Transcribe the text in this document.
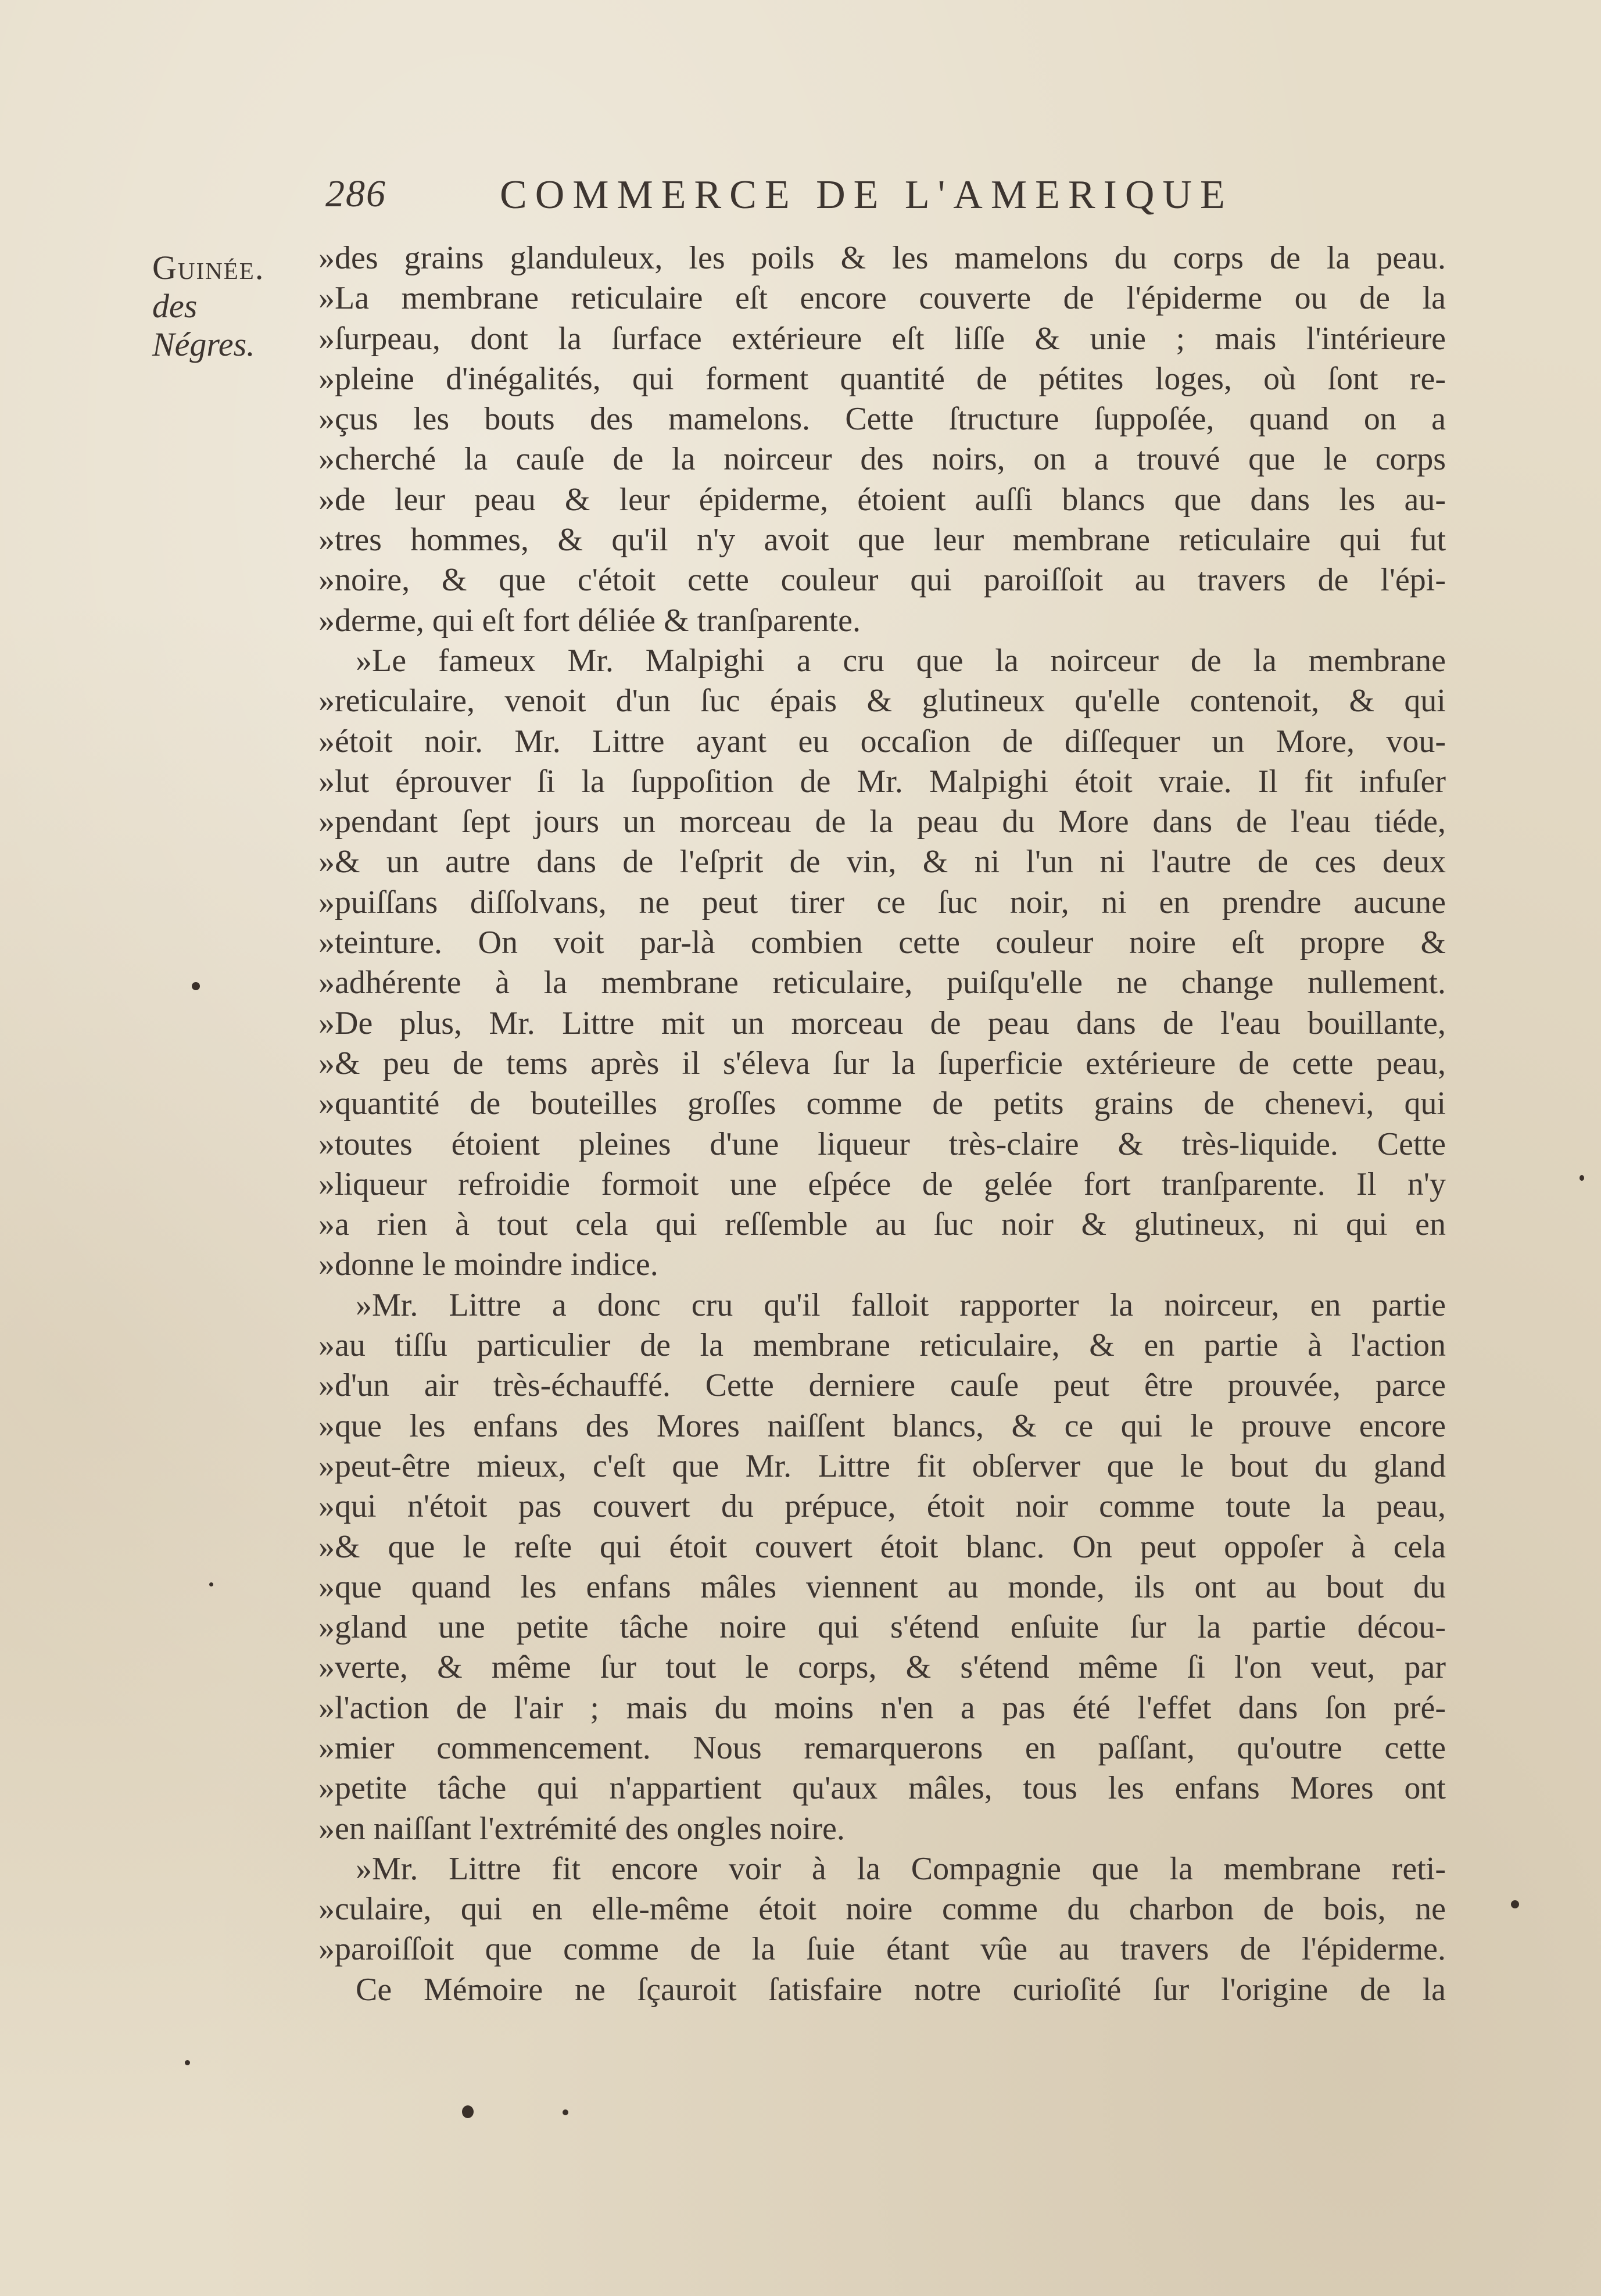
286	COMMERCE DE L'AMERIQUE
Guinée.
des Négres.
»des grains glanduleux, les poils & les mamelons du corps de la peau.
»La membrane reticulaire eſt encore couverte de l'épiderme ou de la
»ſurpeau, dont la ſurface extérieure eſt liſſe & unie ; mais l'intérieure
»pleine d'inégalités, qui forment quantité de pétites loges, où ſont re-
»çus les bouts des mamelons. Cette ſtructure ſuppoſée, quand on a
»cherché la cauſe de la noirceur des noirs, on a trouvé que le corps
»de leur peau & leur épiderme, étoient auſſi blancs que dans les au-
»tres hommes, & qu'il n'y avoit que leur membrane reticulaire qui fut
»noire, & que c'étoit cette couleur qui paroiſſoit au travers de l'épi-
»derme, qui eſt fort déliée & tranſparente.
»Le fameux Mr. Malpighi a cru que la noirceur de la membrane
»reticulaire, venoit d'un ſuc épais & glutineux qu'elle contenoit, & qui
»étoit noir. Mr. Littre ayant eu occaſion de diſſequer un More, vou-
»lut éprouver ſi la ſuppoſition de Mr. Malpighi étoit vraie. Il fit infuſer
»pendant ſept jours un morceau de la peau du More dans de l'eau tiéde,
»& un autre dans de l'eſprit de vin, & ni l'un ni l'autre de ces deux
»puiſſans diſſolvans, ne peut tirer ce ſuc noir, ni en prendre aucune
»teinture. On voit par-là combien cette couleur noire eſt propre &
»adhérente à la membrane reticulaire, puiſqu'elle ne change nullement.
»De plus, Mr. Littre mit un morceau de peau dans de l'eau bouillante,
»& peu de tems après il s'éleva ſur la ſuperficie extérieure de cette peau,
»quantité de bouteilles groſſes comme de petits grains de chenevi, qui
»toutes étoient pleines d'une liqueur très-claire & très-liquide. Cette
»liqueur refroidie formoit une eſpéce de gelée fort tranſparente. Il n'y
»a rien à tout cela qui reſſemble au ſuc noir & glutineux, ni qui en
»donne le moindre indice.
»Mr. Littre a donc cru qu'il falloit rapporter la noirceur, en partie
»au tiſſu particulier de la membrane reticulaire, & en partie à l'action
»d'un air très-échauffé. Cette derniere cauſe peut être prouvée, parce
»que les enfans des Mores naiſſent blancs, & ce qui le prouve encore
»peut-être mieux, c'eſt que Mr. Littre fit obſerver que le bout du gland
»qui n'étoit pas couvert du prépuce, étoit noir comme toute la peau,
»& que le reſte qui étoit couvert étoit blanc. On peut oppoſer à cela
»que quand les enfans mâles viennent au monde, ils ont au bout du
»gland une petite tâche noire qui s'étend enſuite ſur la partie décou-
»verte, & même ſur tout le corps, & s'étend même ſi l'on veut, par
»l'action de l'air ; mais du moins n'en a pas été l'effet dans ſon pré-
»mier commencement. Nous remarquerons en paſſant, qu'outre cette
»petite tâche qui n'appartient qu'aux mâles, tous les enfans Mores ont
»en naiſſant l'extrémité des ongles noire.
»Mr. Littre fit encore voir à la Compagnie que la membrane reti-
»culaire, qui en elle-même étoit noire comme du charbon de bois, ne
»paroiſſoit que comme de la ſuie étant vûe au travers de l'épiderme.
Ce Mémoire ne ſçauroit ſatisfaire notre curioſité ſur l'origine de la
